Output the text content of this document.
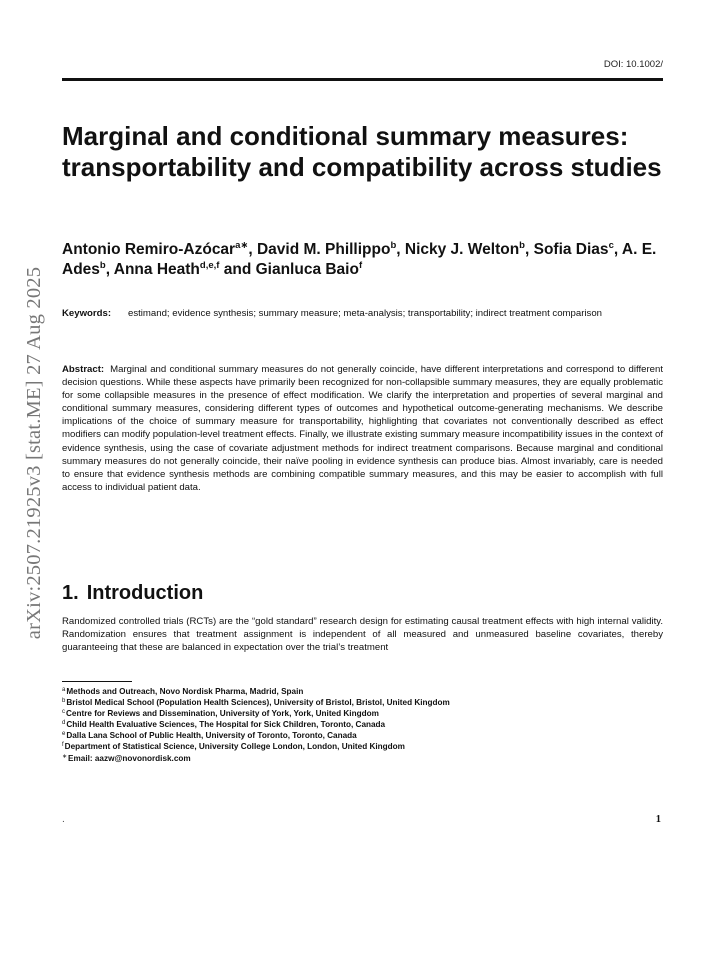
DOI: 10.1002/
arXiv:2507.21925v3 [stat.ME] 27 Aug 2025
Marginal and conditional summary measures: transportability and compatibility across studies
Antonio Remiro-Azócar$^{a∗}$, David M. Phillippo$^b$, Nicky J. Welton$^b$, Sofia Dias$^c$, A. E. Ades$^b$, Anna Heath$^{d,e,f}$ and Gianluca Baio$^f$
Keywords: estimand; evidence synthesis; summary measure; meta-analysis; transportability; indirect treatment comparison

Abstract: Marginal and conditional summary measures do not generally coincide, have different interpretations and correspond to different decision questions. While these aspects have primarily been recognized for non-collapsible summary measures, they are equally problematic for some collapsible measures in the presence of effect modification. We clarify the interpretation and properties of several marginal and conditional summary measures, considering different types of outcomes and hypothetical outcome-generating mechanisms. We describe implications of the choice of summary measure for transportability, highlighting that covariates not conventionally described as effect modifiers can modify population-level treatment effects. Finally, we illustrate existing summary measure incompatibility issues in the context of evidence synthesis, using the case of covariate adjustment methods for indirect treatment comparisons. Because marginal and conditional summary measures do not generally coincide, their naïve pooling in evidence synthesis can produce bias. Almost invariably, care is needed to ensure that evidence synthesis methods are combining compatible summary measures, and this may be easier to accomplish with full access to individual patient data.

1. Introduction

Randomized controlled trials (RCTs) are the “gold standard” research design for estimating causal treatment effects with high internal validity. Randomization ensures that treatment assignment is independent of all measured and unmeasured baseline covariates, thereby guaranteeing that these are balanced in expectation over the trial’s treatment

$^a$Methods and Outreach, Novo Nordisk Pharma, Madrid, Spain
$^b$Bristol Medical School (Population Health Sciences), University of Bristol, Bristol, United Kingdom
$^c$Centre for Reviews and Dissemination, University of York, York, United Kingdom
$^d$Child Health Evaluative Sciences, The Hospital for Sick Children, Toronto, Canada
$^e$Dalla Lana School of Public Health, University of Toronto, Toronto, Canada
$^f$Department of Statistical Science, University College London, London, United Kingdom
∗Email: aazw@novonordisk.com
.	1
